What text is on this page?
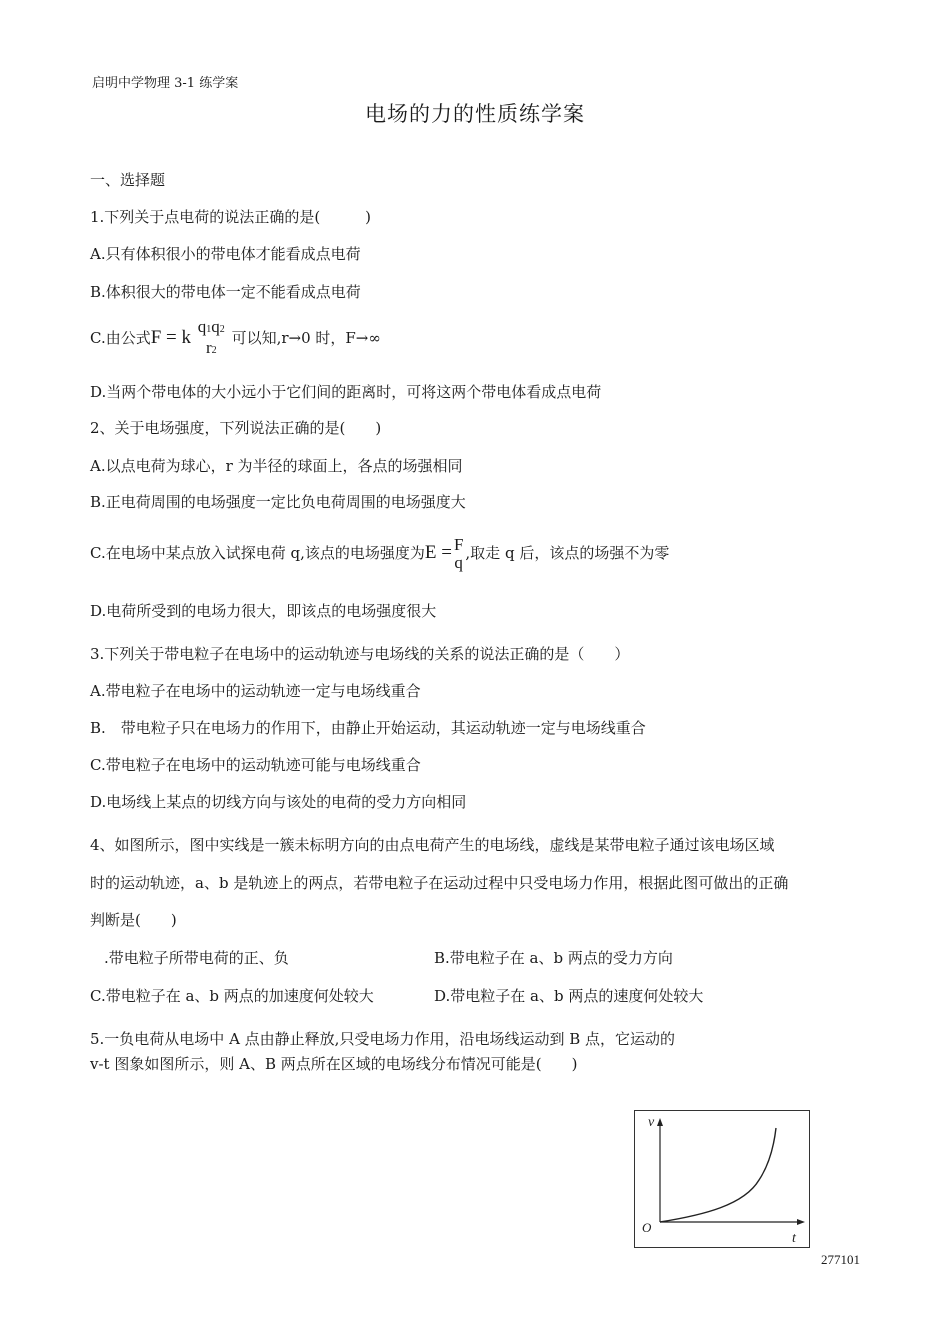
启明中学物理 3-1 练学案
电场的力的性质练学案
一、选择题
1.下列关于点电荷的说法正确的是(　　　)
A.只有体积很小的带电体才能看成点电荷
B.体积很大的带电体一定不能看成点电荷
C.由公式F = k
q1q2
r2
可以知,r→0 时，F→∞
D.当两个带电体的大小远小于它们间的距离时，可将这两个带电体看成点电荷
2、关于电场强度，下列说法正确的是(　　)
A.以点电荷为球心，r 为半径的球面上，各点的场强相同
B.正电荷周围的电场强度一定比负电荷周围的电场强度大
C.在电场中某点放入试探电荷 q,该点的电场强度为E = F
q ,取走 q 后，该点的场强不为零
D.电荷所受到的电场力很大，即该点的电场强度很大
3.下列关于带电粒子在电场中的运动轨迹与电场线的关系的说法正确的是（　　）
A.带电粒子在电场中的运动轨迹一定与电场线重合
B.　带电粒子只在电场力的作用下，由静止开始运动，其运动轨迹一定与电场线重合
C.带电粒子在电场中的运动轨迹可能与电场线重合
D.电场线上某点的切线方向与该处的电荷的受力方向相同
4、如图所示，图中实线是一簇未标明方向的由点电荷产生的电场线，虚线是某带电粒子通过该电场区域
时的运动轨迹，a、b 是轨迹上的两点，若带电粒子在运动过程中只受电场力作用，根据此图可做出的正确
判断是(　　)
.带电粒子所带电荷的正、负	B.带电粒子在 a、b 两点的受力方向
C.带电粒子在 a、b 两点的加速度何处较大	D.带电粒子在 a、b 两点的速度何处较大
5.一负电荷从电场中 A 点由静止释放,只受电场力作用，沿电场线运动到 B 点，它运动的
v-t 图象如图所示，则 A、B 两点所在区域的电场线分布情况可能是(　　)
v
t
O
277101
